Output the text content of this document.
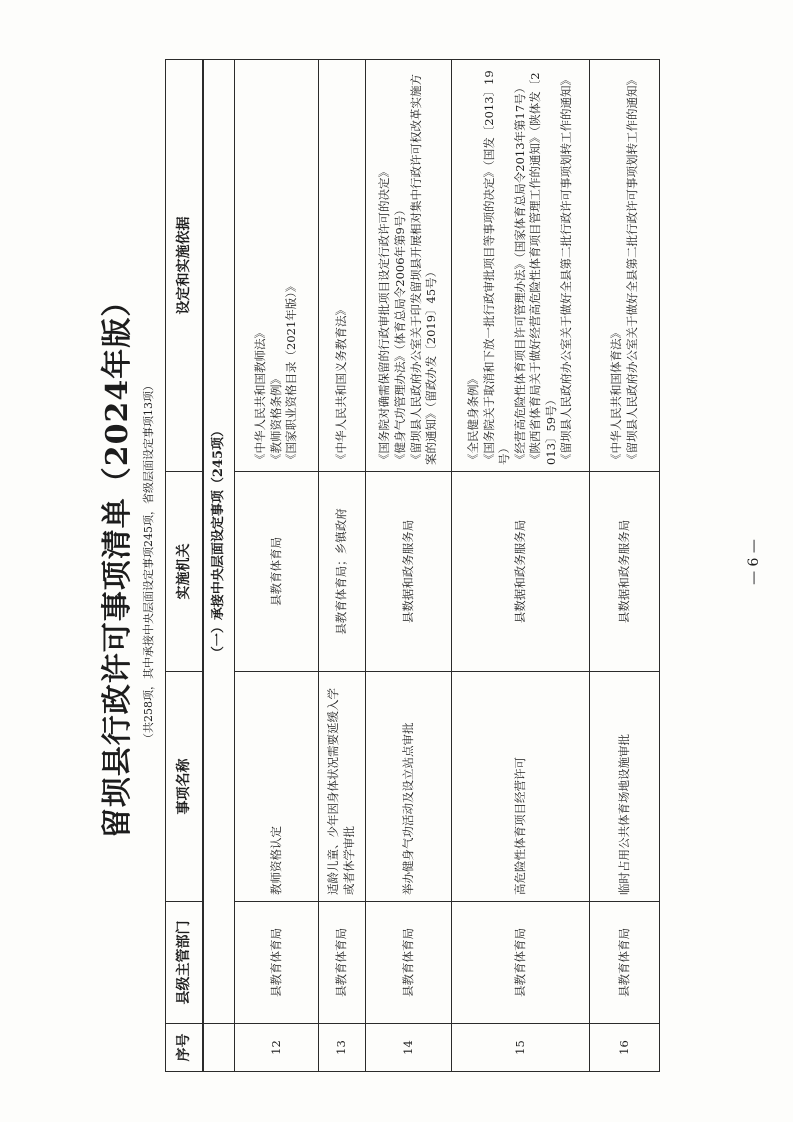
留坝县行政许可事项清单（2024年版） （共258项，其中承接中央层面设定事项245项，省级层面设定事项13项）
序号	县级主管部门	事项名称	实施机关	设定和实施依据
	（一）承接中央层面设定事项（245项）			
12	县教育体育局	教师资格认定	县教育体育局	《中华人民共和国教师法》 《教师资格条例》 《国家职业资格目录（2021年版）》

13	县教育体育局	适龄儿童、少年因身体状况需要延缓入学或者休学审批	县教育体育局；乡镇政府	《中华人民共和国义务教育法》

14	县教育体育局	举办健身气功活动及设立站点审批	县数据和政务服务局	《国务院对确需保留的行政审批项目设定行政许可的决定》 《健身气功管理办法》（体育总局令2006年第9号） 《留坝县人民政府办公室关于印发留坝县开展相对集中行政许可权改革实施方案的通知》（留政办发〔2019〕45号）

15	县教育体育局	高危险性体育项目经营许可	县数据和政务服务局	《全民健身条例》 《国务院关于取消和下放一批行政审批项目等事项的决定》（国发〔2013〕19号） 《经营高危险性体育项目许可管理办法》（国家体育总局令2013年第17号） 《陕西省体育局关于做好经营高危险性体育项目管理工作的通知》（陕体发〔2013〕59号） 《留坝县人民政府办公室关于做好全县第二批行政许可事项划转工作的通知》

16	县教育体育局	临时占用公共体育场地设施审批	县数据和政务服务局	《中华人民共和国体育法》 《留坝县人民政府办公室关于做好全县第二批行政许可事项划转工作的通知》
— 6 —
